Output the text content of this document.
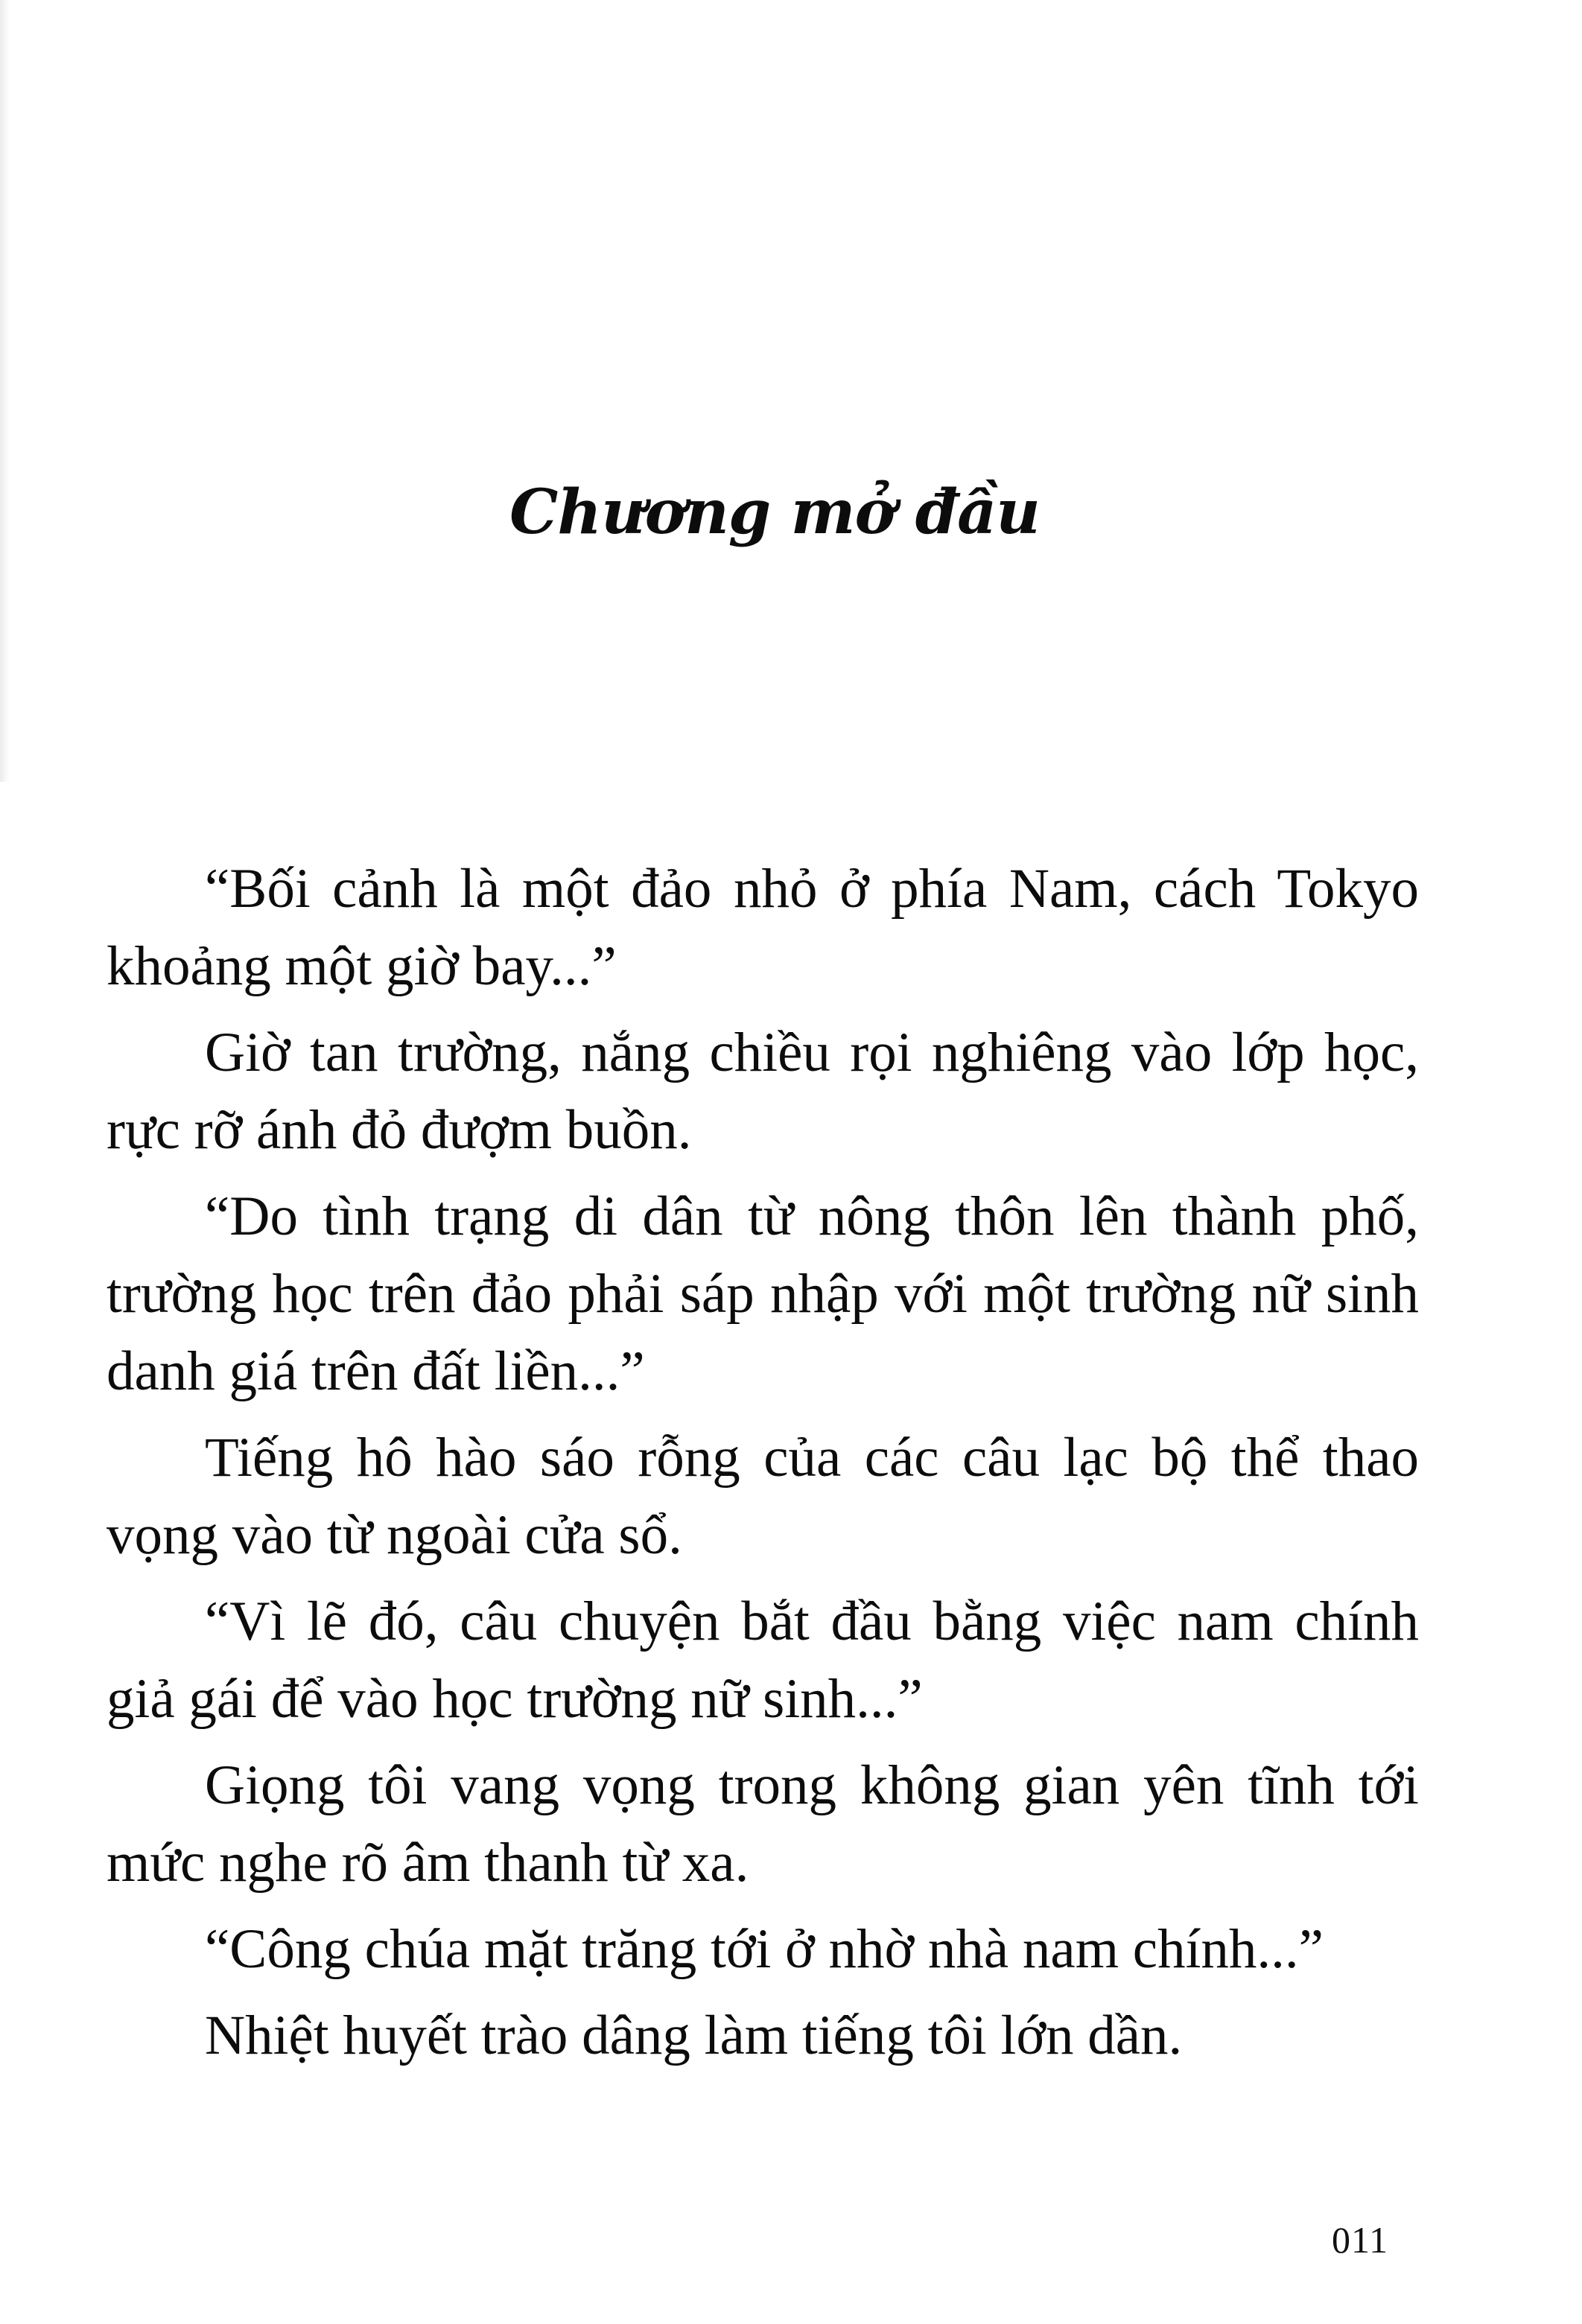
Chương mở đầu

“Bối cảnh là một đảo nhỏ ở phía Nam, cách Tokyo khoảng một giờ bay...”

Giờ tan trường, nắng chiều rọi nghiêng vào lớp học, rực rỡ ánh đỏ đượm buồn.

“Do tình trạng di dân từ nông thôn lên thành phố, trường học trên đảo phải sáp nhập với một trường nữ sinh danh giá trên đất liền...”

Tiếng hô hào sáo rỗng của các câu lạc bộ thể thao vọng vào từ ngoài cửa sổ.

“Vì lẽ đó, câu chuyện bắt đầu bằng việc nam chính giả gái để vào học trường nữ sinh...”

Giọng tôi vang vọng trong không gian yên tĩnh tới mức nghe rõ âm thanh từ xa.

“Công chúa mặt trăng tới ở nhờ nhà nam chính...”

Nhiệt huyết trào dâng làm tiếng tôi lớn dần.

011
